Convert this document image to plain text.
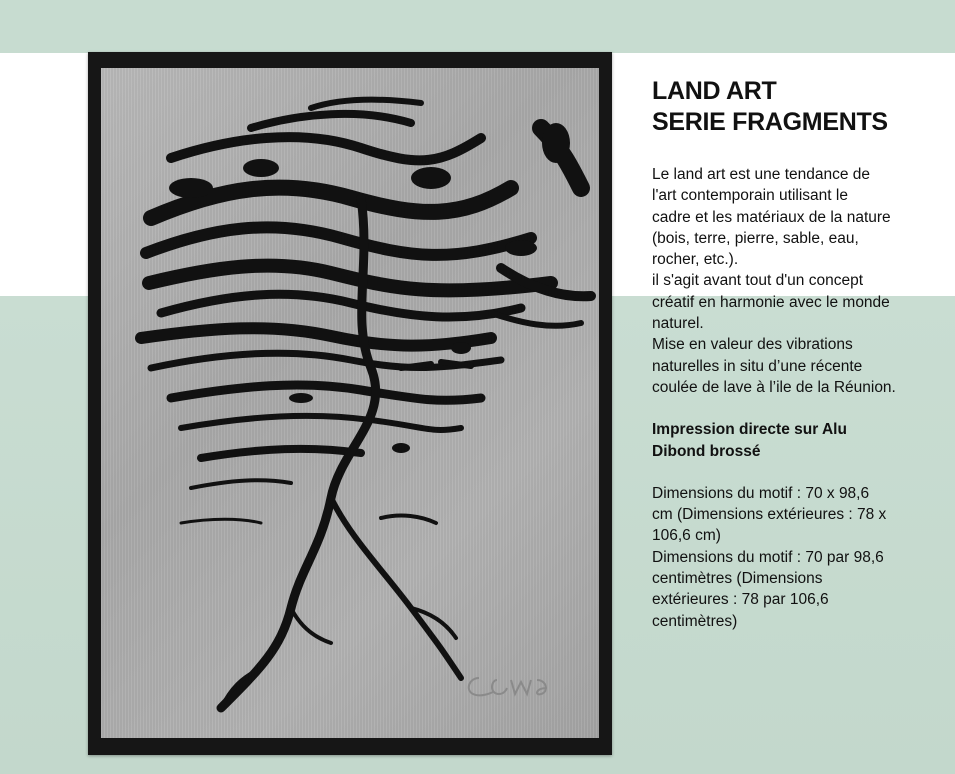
LAND ART
SERIE FRAGMENTS

Le land art est une tendance de

l'art contemporain utilisant le

cadre et les matériaux de la nature

(bois, terre, pierre, sable, eau,

rocher, etc.).

il s'agit avant tout d'un concept

créatif en harmonie avec le monde

naturel.

Mise en valeur des vibrations

naturelles in situ d’une récente

coulée de lave à l’ile de la Réunion.

Impression directe sur Alu

Dibond brossé

Dimensions du motif : 70 x 98,6

cm (Dimensions extérieures : 78 x

106,6 cm)

Dimensions du motif : 70 par 98,6

centimètres (Dimensions

extérieures : 78 par 106,6

centimètres)
